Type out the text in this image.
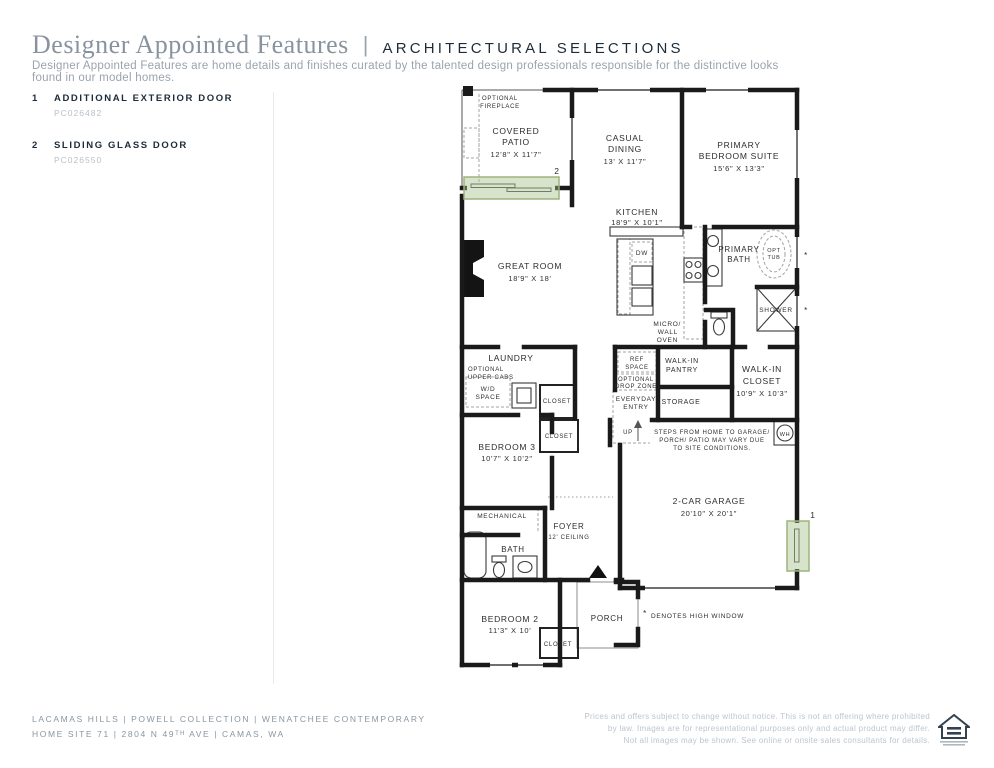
Designer Appointed Features | ARCHITECTURAL SELECTIONS
Designer Appointed Features are home details and finishes curated by the talented design professionals responsible for the distinctive looks found in our model homes.
1	ADDITIONAL EXTERIOR DOOR
PC026482
2	SLIDING GLASS DOOR
PC026550
OPTIONAL
FIREPLACE
COVERED
PATIO
12'8" X 11'7"
CASUAL
DINING
13' X 11'7"
PRIMARY
BEDROOM SUITE
15'6" X 13'3"
KITCHEN
18'9" X 10'1"
DW
GREAT ROOM
18'9" X 18'
PRIMARY
BATH
OPT
TUB
SHOWER
MICRO/
WALL
OVEN
LAUNDRY
OPTIONAL
UPPER CABS
W/D
SPACE
CLOSET
CLOSET
REF
SPACE
OPTIONAL
DROP ZONE
EVERYDAY
ENTRY
UP
WALK-IN
PANTRY
STORAGE
WALK-IN
CLOSET
10'9" X 10'3"
STEPS FROM HOME TO GARAGE/
PORCH/ PATIO MAY VARY DUE
TO SITE CONDITIONS.
WH
BEDROOM 3
10'7" X 10'2"
MECHANICAL
BATH
FOYER
12' CEILING
2-CAR GARAGE
20'10" X 20'1"
BEDROOM 2
11'3" X 10'
CLOSET
PORCH
* DENOTES HIGH WINDOW
2
1
*
*
LACAMAS HILLS | POWELL COLLECTION | WENATCHEE CONTEMPORARY
HOME SITE 71 | 2804 N 49ᵀᴴ AVE | CAMAS, WA
Prices and offers subject to change without notice. This is not an offering where prohibited
by law. Images are for representational purposes only and actual product may differ.
Not all images may be shown. See online or onsite sales consultants for details.
